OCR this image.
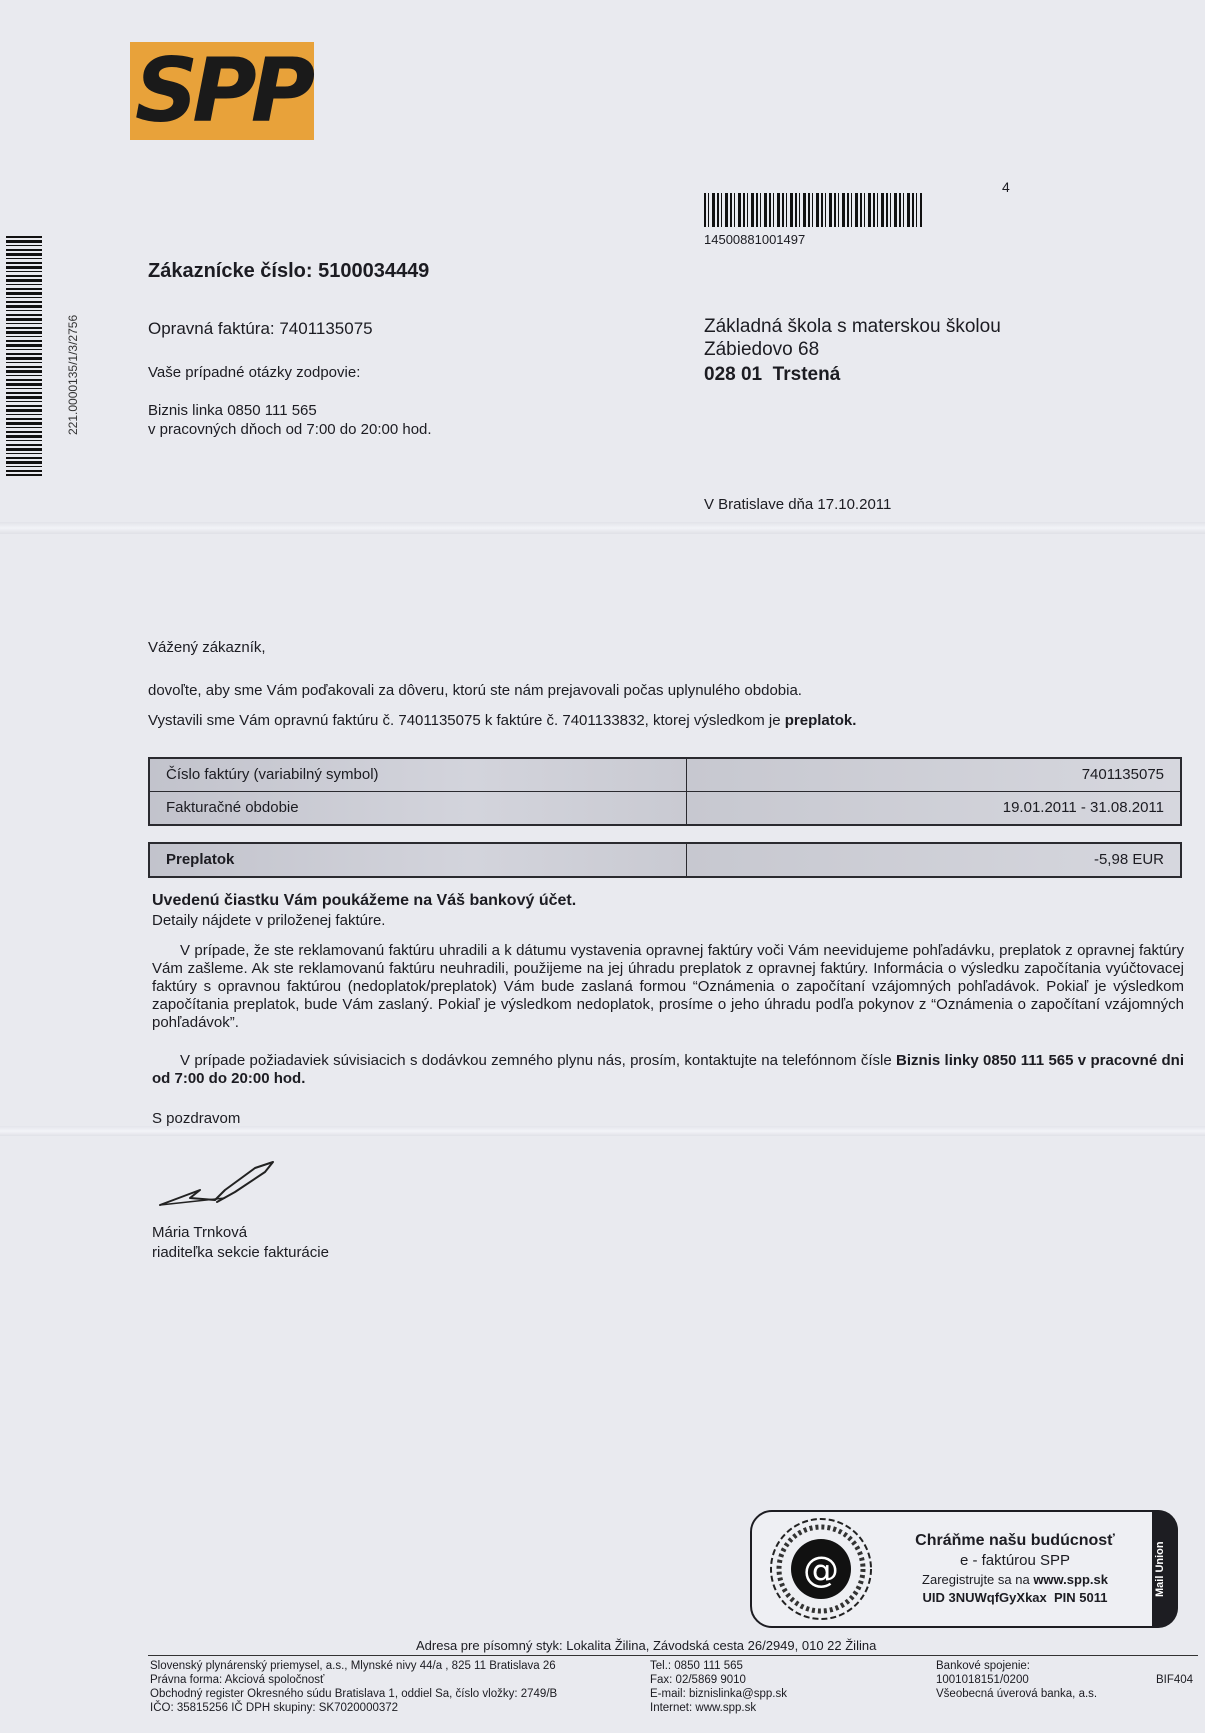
SPP
4
14500881001497
221.0000135/1/3/2756
Zákaznícke číslo: 5100034449
Opravná faktúra: 7401135075
Vaše prípadné otázky zodpovie:
Biznis linka 0850 111 565
v pracovných dňoch od 7:00 do 20:00 hod.
Základná škola s materskou školou
Zábiedovo 68
028 01  Trstená
V Bratislave dňa 17.10.2011
Vážený zákazník,
dovoľte, aby sme Vám poďakovali za dôveru, ktorú ste nám prejavovali počas uplynulého obdobia.
Vystavili sme Vám opravnú faktúru č. 7401135075 k faktúre č. 7401133832, ktorej výsledkom je preplatok.
Číslo faktúry (variabilný symbol)	7401135075
Fakturačné obdobie	19.01.2011 - 31.08.2011
Preplatok	-5,98 EUR
Uvedenú čiastku Vám poukážeme na Váš bankový účet.
Detaily nájdete v priloženej faktúre.
V prípade, že ste reklamovanú faktúru uhradili a k dátumu vystavenia opravnej faktúry voči Vám neevidujeme pohľadávku, preplatok z opravnej faktúry Vám zašleme. Ak ste reklamovanú faktúru neuhradili, použijeme na jej úhradu preplatok z opravnej faktúry. Informácia o výsledku započítania vyúčtovacej faktúry s opravnou faktúrou (nedoplatok/preplatok) Vám bude zaslaná formou “Oznámenia o započítaní vzájomných pohľadávok. Pokiaľ je výsledkom započítania preplatok, bude Vám zaslaný. Pokiaľ je výsledkom nedoplatok, prosíme o jeho úhradu podľa pokynov z “Oznámenia o započítaní vzájomných pohľadávok”.
V prípade požiadaviek súvisiacich s dodávkou zemného plynu nás, prosím, kontaktujte na telefónnom čísle Biznis linky 0850 111 565 v pracovné dni od 7:00 do 20:00 hod.
S pozdravom
Mária Trnková
riaditeľka sekcie fakturácie
@
Chráňme našu budúcnosť
e - faktúrou SPP
Zaregistrujte sa na www.spp.sk
UID 3NUWqfGyXkax  PIN 5011
Mail Union
Adresa pre písomný styk: Lokalita Žilina, Závodská cesta 26/2949, 010 22 Žilina
Slovenský plynárenský priemysel, a.s., Mlynské nivy 44/a , 825 11 Bratislava 26
Právna forma: Akciová spoločnosť
Obchodný register Okresného súdu Bratislava 1, oddiel Sa, číslo vložky: 2749/B
IČO: 35815256 IČ DPH skupiny: SK7020000372
Tel.: 0850 111 565
Fax: 02/5869 9010
E-mail: biznislinka@spp.sk
Internet: www.spp.sk
Bankové spojenie:
1001018151/0200
Všeobecná úverová banka, a.s.
BIF404
